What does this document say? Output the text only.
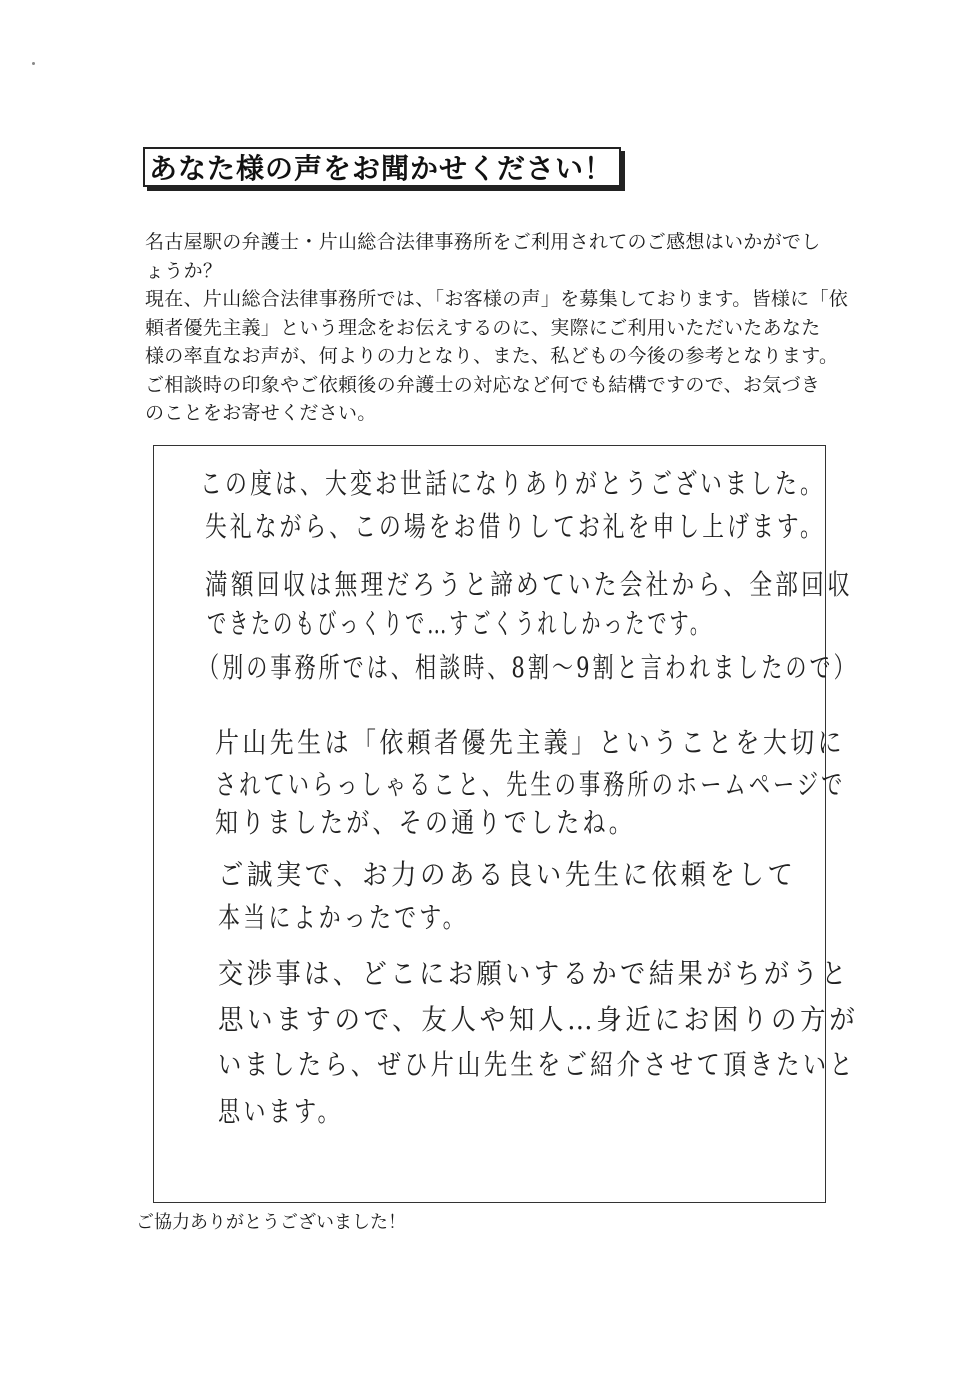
あなた様の声をお聞かせください！
名古屋駅の弁護士・片山総合法律事務所をご利用されてのご感想はいかがでし
ょうか？
現在、片山総合法律事務所では、「お客様の声」を募集しております。皆様に「依
頼者優先主義」という理念をお伝えするのに、実際にご利用いただいたあなた
様の率直なお声が、何よりの力となり、また、私どもの今後の参考となります。
ご相談時の印象やご依頼後の弁護士の対応など何でも結構ですので、お気づき
のことをお寄せください。
この度は、大変お世話になりありがとうございました。
失礼ながら、この場をお借りしてお礼を申し上げます。
満額回収は無理だろうと諦めていた会社から、全部回収
できたのもびっくりで…すごくうれしかったです。
（別の事務所では、相談時、8割〜9割と言われましたので）
片山先生は「依頼者優先主義」ということを大切に
されていらっしゃること、先生の事務所のホームページで
知りましたが、その通りでしたね。
ご誠実で、お力のある良い先生に依頼をして
本当によかったです。
交渉事は、どこにお願いするかで結果がちがうと
思いますので、友人や知人…身近にお困りの方が
いましたら、ぜひ片山先生をご紹介させて頂きたいと
思います。
ご協力ありがとうございました！
